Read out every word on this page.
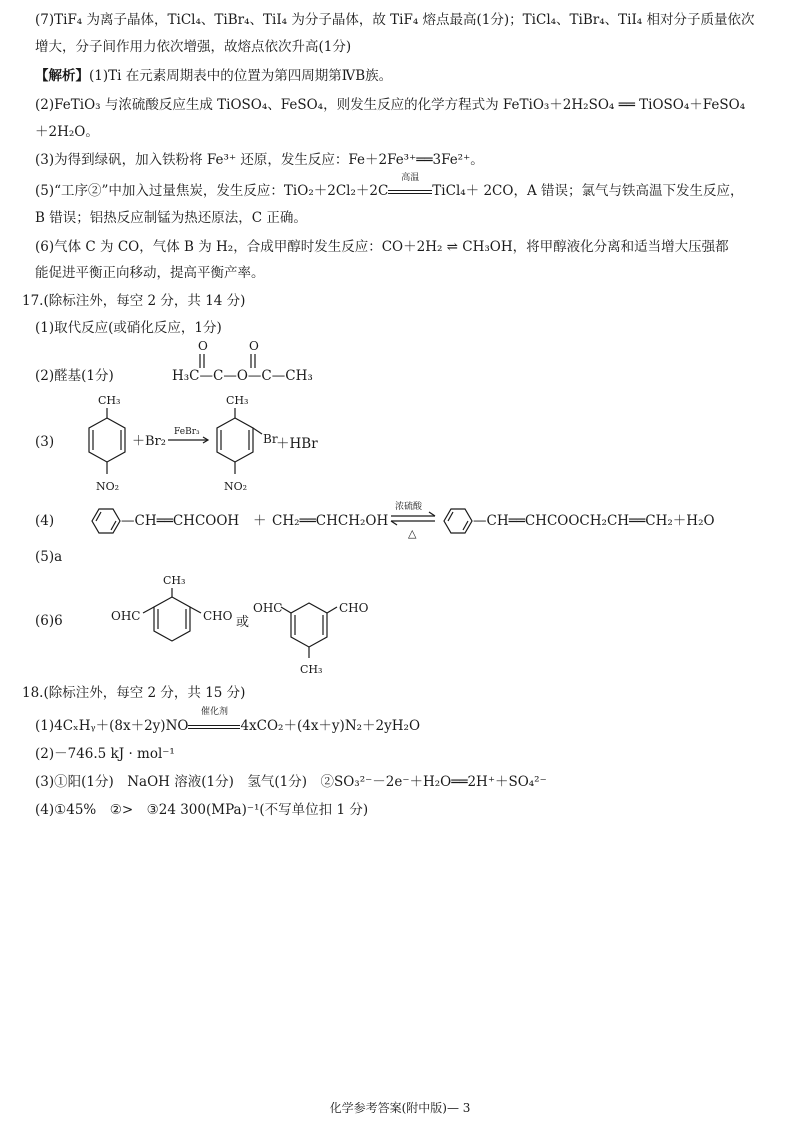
(7)TiF₄ 为离子晶体，TiCl₄、TiBr₄、TiI₄ 为分子晶体，故 TiF₄ 熔点最高(1分)；TiCl₄、TiBr₄、TiI₄ 相对分子质量依次
增大，分子间作用力依次增强，故熔点依次升高(1分)
【解析】(1)Ti 在元素周期表中的位置为第四周期第ⅣB族。
(2)FeTiO₃ 与浓硫酸反应生成 TiOSO₄、FeSO₄，则发生反应的化学方程式为 FeTiO₃＋2H₂SO₄ ══ TiOSO₄＋FeSO₄
＋2H₂O。
(3)为得到绿矾，加入铁粉将 Fe³⁺ 还原，发生反应：Fe＋2Fe³⁺══3Fe²⁺。
(5)“工序②”中加入过量焦炭，发生反应：TiO₂＋2Cl₂＋2C
高温
TiCl₄＋ 2CO，A 错误；氯气与铁高温下发生反应，
B 错误；铝热反应制锰为热还原法，C 正确。
(6)气体 C 为 CO，气体 B 为 H₂，合成甲醇时发生反应：CO＋2H₂ ⇌ CH₃OH，将甲醇液化分离和适当增大压强都
能促进平衡正向移动，提高平衡产率。
17.(除标注外，每空 2 分，共 14 分)
(1)取代反应(或硝化反应，1分)
(2)醛基(1分)	H₃C—C—O—C—CH₃
O	O
(3)
CH₃
NO₂
＋Br₂
FeBr₃
CH₃
Br
NO₂
＋HBr
(4)	—CH══CHCOOH ＋ CH₂══CHCH₂OH
浓硫酸
△
—CH══CHCOOCH₂CH══CH₂＋H₂O
(5)a
(6)6
CH₃
OHC	CHO 或
OHC	CHO
CH₃
18.(除标注外，每空 2 分，共 15 分)
(1)4CₓHᵧ＋(8x＋2y)NO
催化剂
4xCO₂＋(4x＋y)N₂＋2yH₂O
(2)－746.5 kJ · mol⁻¹
(3)①阳(1分)　NaOH 溶液(1分)　氢气(1分)　②SO₃²⁻－2e⁻＋H₂O══2H⁺＋SO₄²⁻
(4)①45%　②>　③24 300(MPa)⁻¹(不写单位扣 1 分)
化学参考答案(附中版)— 3
